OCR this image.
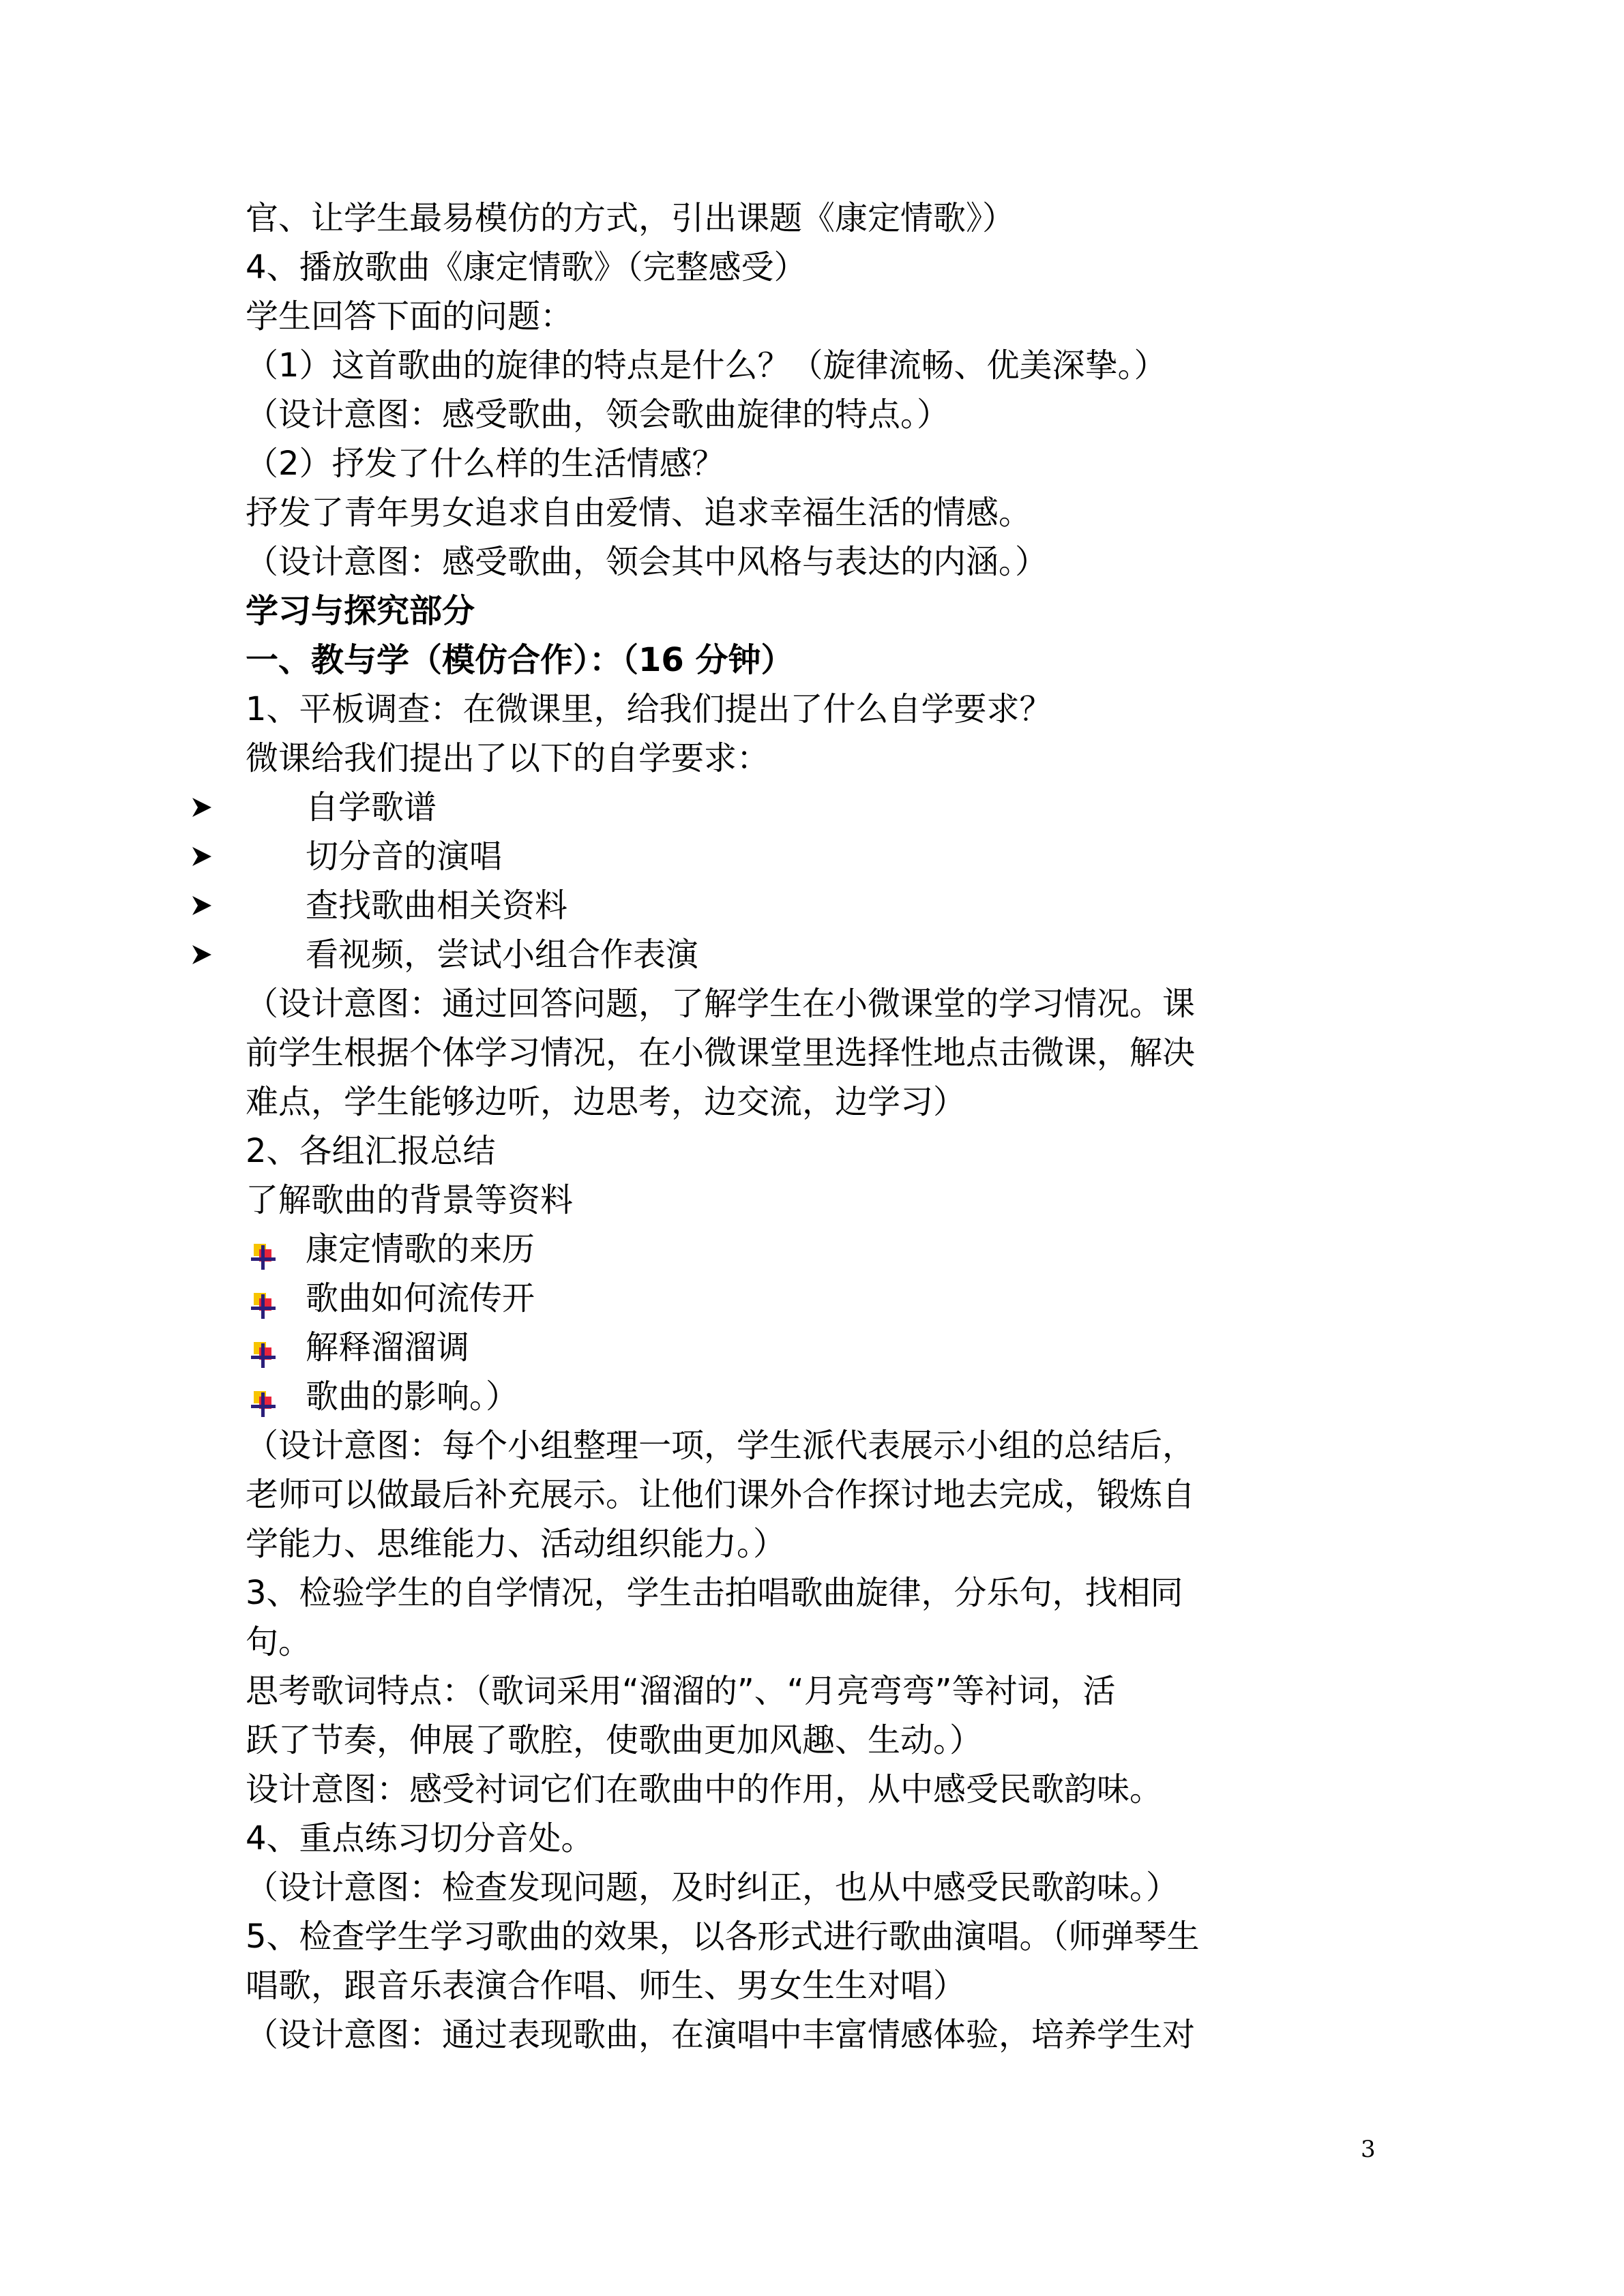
官、让学生最易模仿的方式，引出课题《康定情歌》）

4、播放歌曲《康定情歌》（完整感受）

学生回答下面的问题：

（1）这首歌曲的旋律的特点是什么？（旋律流畅、优美深挚。）

（设计意图：感受歌曲，领会歌曲旋律的特点。）

（2）抒发了什么样的生活情感？

抒发了青年男女追求自由爱情、追求幸福生活的情感。

（设计意图：感受歌曲，领会其中风格与表达的内涵。）

学习与探究部分

一、教与学（模仿合作）：（16 分钟）

1、平板调查：在微课里，给我们提出了什么自学要求？

微课给我们提出了以下的自学要求：

自学歌谱

切分音的演唱

查找歌曲相关资料

看视频，尝试小组合作表演

（设计意图：通过回答问题，了解学生在小微课堂的学习情况。课

前学生根据个体学习情况，在小微课堂里选择性地点击微课，解决

难点，学生能够边听，边思考，边交流，边学习）

2、各组汇报总结

了解歌曲的背景等资料

康定情歌的来历

歌曲如何流传开

解释溜溜调

歌曲的影响。）

（设计意图：每个小组整理一项，学生派代表展示小组的总结后，

老师可以做最后补充展示。让他们课外合作探讨地去完成，锻炼自

学能力、思维能力、活动组织能力。）

3、检验学生的自学情况，学生击拍唱歌曲旋律，分乐句，找相同

句。

思考歌词特点：（歌词采用“溜溜的”、“月亮弯弯”等衬词，活

跃了节奏，伸展了歌腔，使歌曲更加风趣、生动。）

设计意图：感受衬词它们在歌曲中的作用，从中感受民歌韵味。

4、重点练习切分音处。

（设计意图：检查发现问题，及时纠正，也从中感受民歌韵味。）

5、检查学生学习歌曲的效果，以各形式进行歌曲演唱。（师弹琴生

唱歌，跟音乐表演合作唱、师生、男女生生对唱）

（设计意图：通过表现歌曲，在演唱中丰富情感体验，培养学生对

3
